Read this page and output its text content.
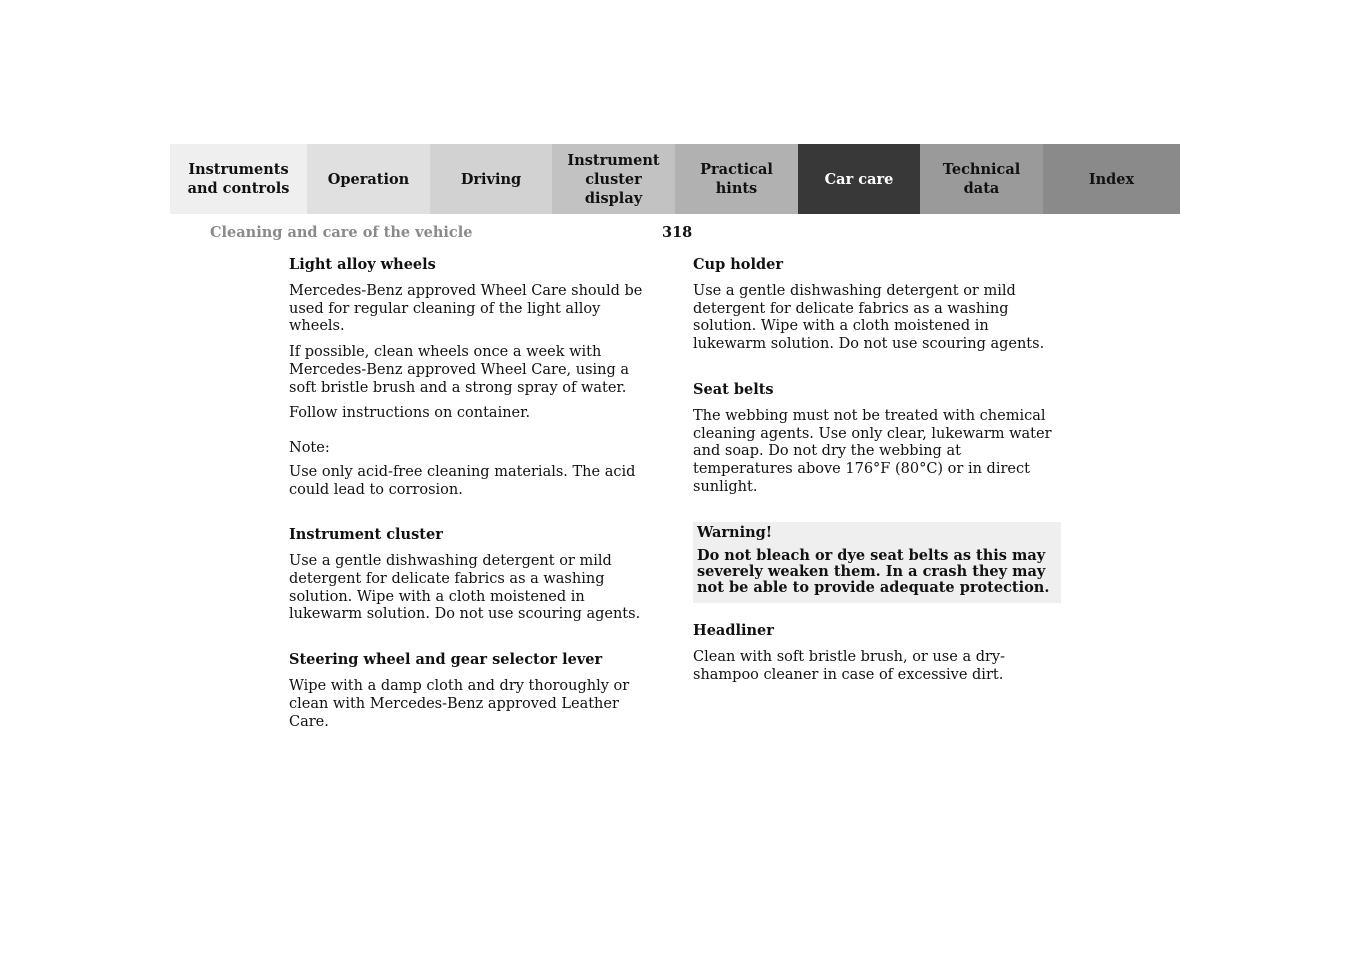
Instruments
and controls
Operation	Driving
Instrument
cluster display
Practical hints
Car care
Technical
data
Index
Cleaning and care of the vehicle	318
Light alloy wheels
Mercedes-Benz approved Wheel Care should be used for regular cleaning of the light alloy wheels.
If possible, clean wheels once a week with Mercedes-Benz approved Wheel Care, using a soft bristle brush and a strong spray of water.
Follow instructions on container.
Note:
Use only acid-free cleaning materials. The acid could lead to corrosion.
Instrument cluster
Use a gentle dishwashing detergent or mild detergent for delicate fabrics as a washing solution. Wipe with a cloth moistened in lukewarm solution. Do not use scouring agents.
Steering wheel and gear selector lever
Wipe with a damp cloth and dry thoroughly or clean with Mercedes-Benz approved Leather Care.
Cup holder
Use a gentle dishwashing detergent or mild detergent for delicate fabrics as a washing solution. Wipe with a cloth moistened in lukewarm solution. Do not use scouring agents.
Seat belts
The webbing must not be treated with chemical cleaning agents. Use only clear, lukewarm water and soap. Do not dry the webbing at temperatures above 176°F (80°C) or in direct sunlight.
Warning!
Do not bleach or dye seat belts as this may severely weaken them. In a crash they may not be able to provide adequate protection.
Headliner
Clean with soft bristle brush, or use a dry-shampoo cleaner in case of excessive dirt.
